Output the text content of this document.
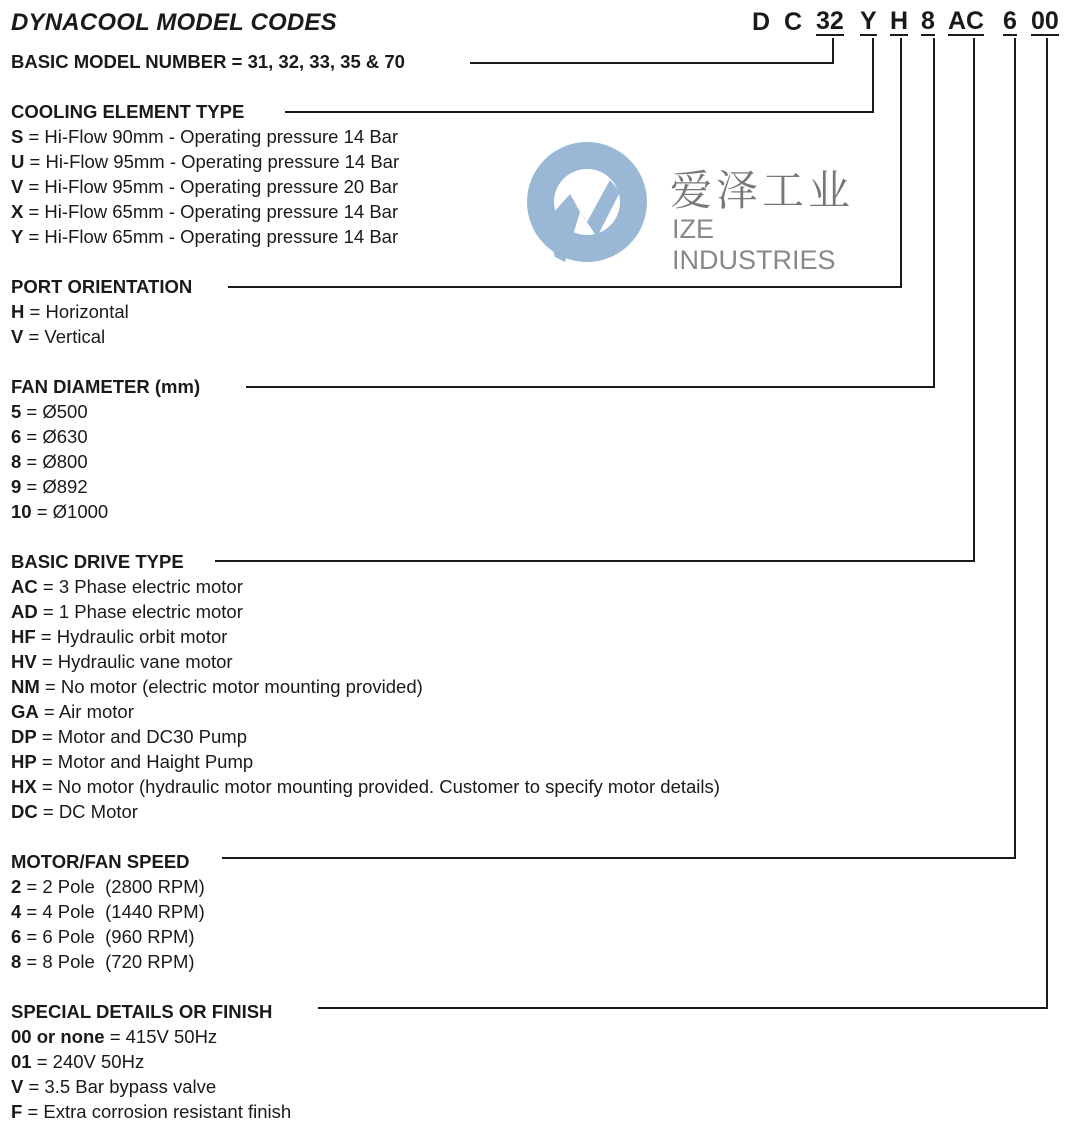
DYNACOOL MODEL CODES	D C 32 Y H 8 AC 6 00
爱泽工业
IZE INDUSTRIES
BASIC MODEL NUMBER = 31, 32, 33, 35 & 70
COOLING ELEMENT TYPE
S = Hi-Flow 90mm - Operating pressure 14 Bar
U = Hi-Flow 95mm - Operating pressure 14 Bar
V = Hi-Flow 95mm - Operating pressure 20 Bar
X = Hi-Flow 65mm - Operating pressure 14 Bar
Y = Hi-Flow 65mm - Operating pressure 14 Bar
PORT ORIENTATION
H = Horizontal
V = Vertical
FAN DIAMETER (mm)
5 = Ø500
6 = Ø630
8 = Ø800
9 = Ø892
10 = Ø1000
BASIC DRIVE TYPE
AC = 3 Phase electric motor
AD = 1 Phase electric motor
HF = Hydraulic orbit motor
HV = Hydraulic vane motor
NM = No motor (electric motor mounting provided)
GA = Air motor
DP = Motor and DC30 Pump
HP = Motor and Haight Pump
HX = No motor (hydraulic motor mounting provided. Customer to specify motor details)
DC = DC Motor
MOTOR/FAN SPEED
2 = 2 Pole  (2800 RPM)
4 = 4 Pole  (1440 RPM)
6 = 6 Pole  (960 RPM)
8 = 8 Pole  (720 RPM)
SPECIAL DETAILS OR FINISH
00 or none = 415V 50Hz
01 = 240V 50Hz
V = 3.5 Bar bypass valve
F = Extra corrosion resistant finish
